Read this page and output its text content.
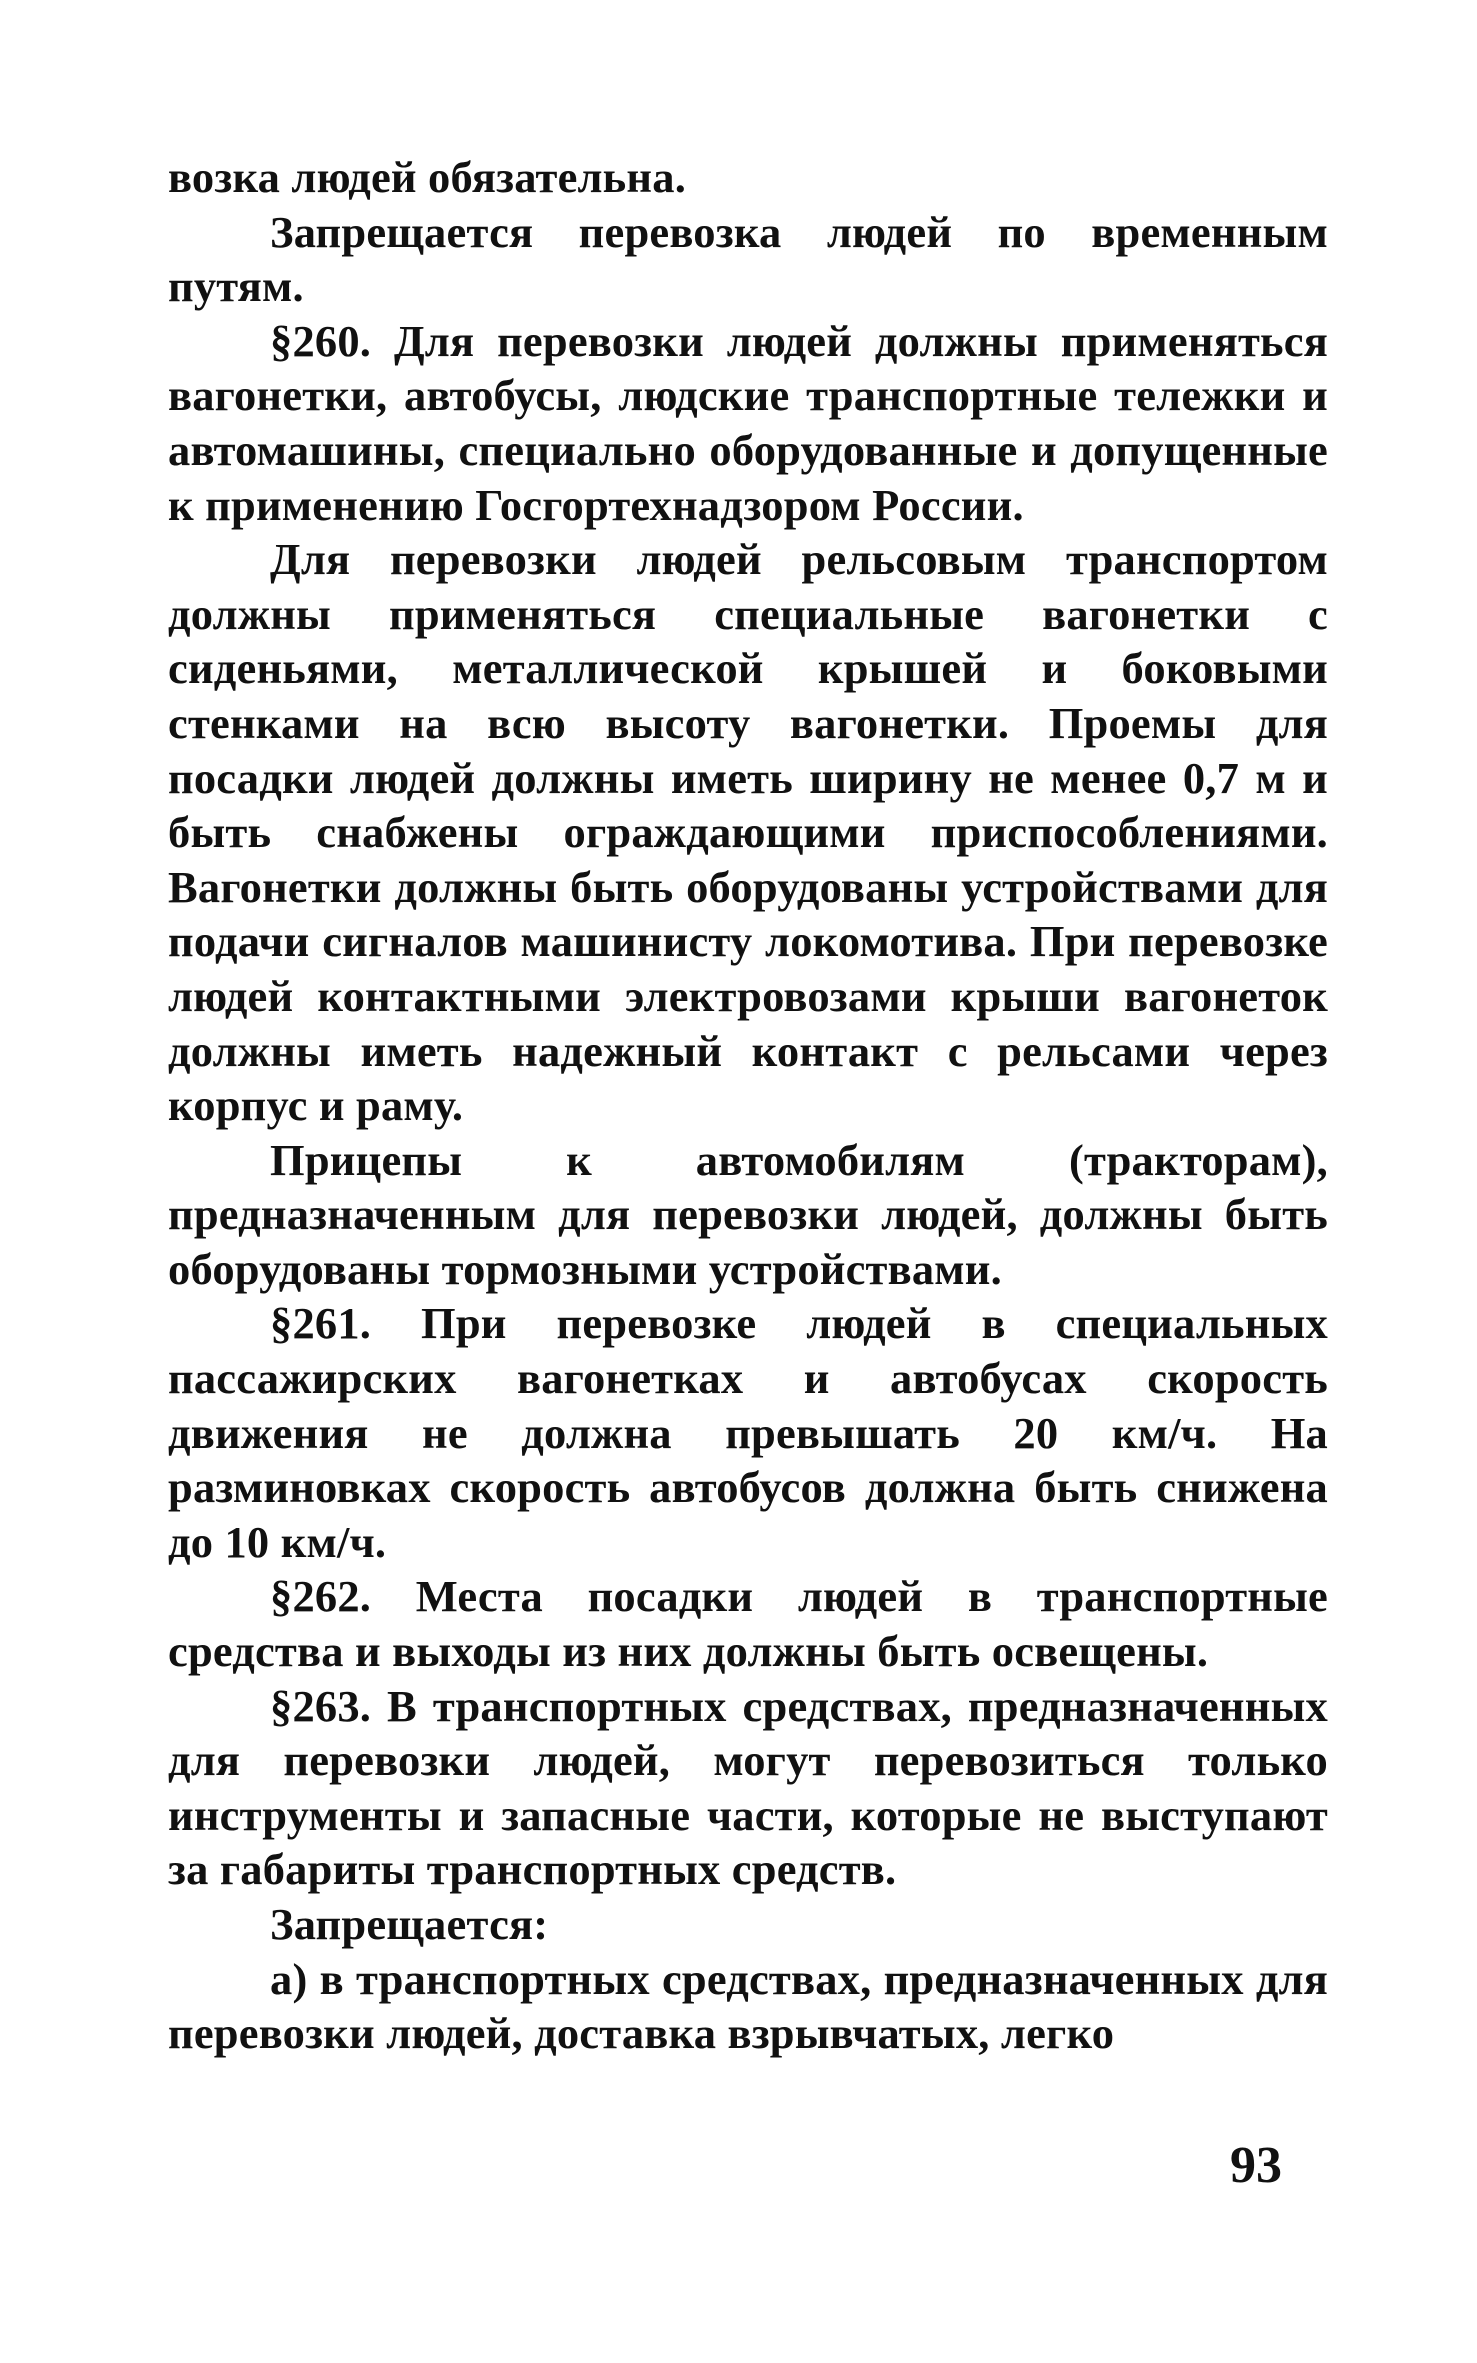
возка людей обязательна.

Запрещается перевозка людей по временным путям.

§260. Для перевозки людей должны применяться вагонетки, автобусы, людские транспортные тележки и автомашины, специально оборудованные и допущенные к применению Госгортехнадзором России.

Для перевозки людей рельсовым транспортом должны применяться специальные вагонетки с сиденьями, металлической крышей и боковыми стенками на всю высоту вагонетки. Проемы для посадки людей должны иметь ширину не менее 0,7 м и быть снабжены ограждающими приспособлениями. Вагонетки должны быть оборудованы устройствами для подачи сигналов машинисту локомотива. При перевозке людей контактными электровозами крыши вагонеток должны иметь надежный контакт с рельсами через корпус и раму.

Прицепы к автомобилям (тракторам), предназначенным для перевозки людей, должны быть оборудованы тормозными устройствами.

§261. При перевозке людей в специальных пассажирских вагонетках и автобусах скорость движения не должна превышать 20 км/ч. На разминовках скорость автобусов должна быть снижена до 10 км/ч.

§262. Места посадки людей в транспортные средства и выходы из них должны быть освещены.

§263. В транспортных средствах, предназначенных для перевозки людей, могут перевозиться только инструменты и запасные части, которые не выступают за габариты транспортных средств.

Запрещается:

а) в транспортных средствах, предназначенных для перевозки людей, доставка взрывчатых, легко

93
